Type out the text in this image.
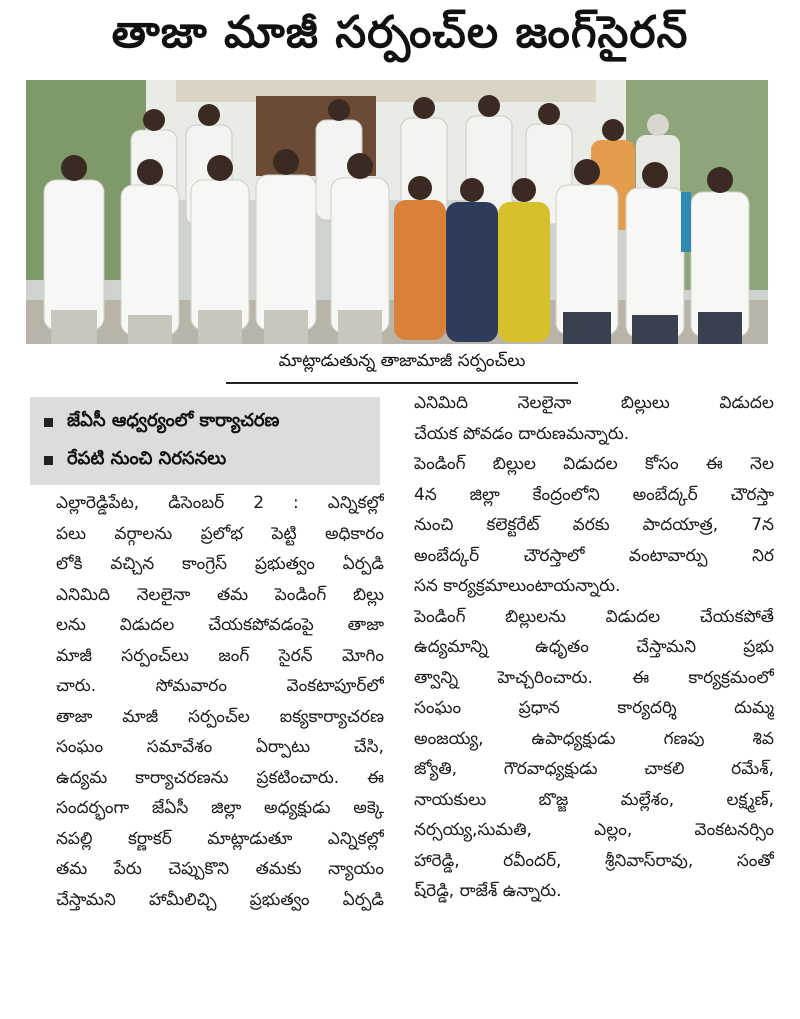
తాజా మాజీ సర్పంచ్‌ల జంగ్‌సైరన్
మాట్లాడుతున్న తాజామాజీ సర్పంచ్‌లు
జేఏసీ ఆధ్వర్యంలో కార్యాచరణ
రేపటి నుంచి నిరసనలు
ఎల్లారెడ్డిపేట, డిసెంబర్ 2 : ఎన్నికల్లో
పలు వర్గాలను ప్రలోభ పెట్టి అధికారం
లోకి వచ్చిన కాంగ్రెస్ ప్రభుత్వం ఏర్పడి
ఎనిమిది నెలలైనా తమ పెండింగ్ బిల్లు
లను విడుదల చేయకపోవడంపై తాజా
మాజీ సర్పంచ్‌లు జంగ్ సైరన్ మోగిం
చారు. సోమవారం వెంకటాపూర్‌లో
తాజా మాజీ సర్పంచ్‌ల ఐక్యకార్యాచరణ
సంఘం సమావేశం ఏర్పాటు చేసి,
ఉద్యమ కార్యాచరణను ప్రకటించారు. ఈ
సందర్భంగా జేఏసీ జిల్లా అధ్యక్షుడు అక్కె
నపల్లి కర్ణాకర్ మాట్లాడుతూ ఎన్నికల్లో
తమ పేరు చెప్పుకొని తమకు న్యాయం
చేస్తామని హామీలిచ్చి ప్రభుత్వం ఏర్పడి
ఎనిమిది నెలలైనా బిల్లులు విడుదల
చేయక పోవడం దారుణమన్నారు.
పెండింగ్ బిల్లుల విడుదల కోసం ఈ నెల
4న జిల్లా కేంద్రంలోని అంబేద్కర్ చౌరస్తా
నుంచి కలెక్టరేట్ వరకు పాదయాత్ర, 7న
అంబేద్కర్ చౌరస్తాలో వంటావార్పు నిర
సన కార్యక్రమాలుంటాయన్నారు.
పెండింగ్ బిల్లులను విడుదల చేయకపోతే
ఉద్యమాన్ని ఉధృతం చేస్తామని ప్రభు
త్వాన్ని హెచ్చరించారు. ఈ కార్యక్రమంలో
సంఘం ప్రధాన కార్యదర్శి దుమ్మ
అంజయ్య, ఉపాధ్యక్షుడు గణపు శివ
జ్యోతి, గౌరవాధ్యక్షుడు చాకలి రమేశ్,
నాయకులు బొజ్జ మల్లేశం, లక్ష్మణ్,
నర్సయ్య,సుమతి, ఎల్లం, వెంకటనర్సిం
హారెడ్డి, రవీందర్, శ్రీనివాస్‌రావు, సంతో
ష్‌రెడ్డి, రాజేశ్ ఉన్నారు.
